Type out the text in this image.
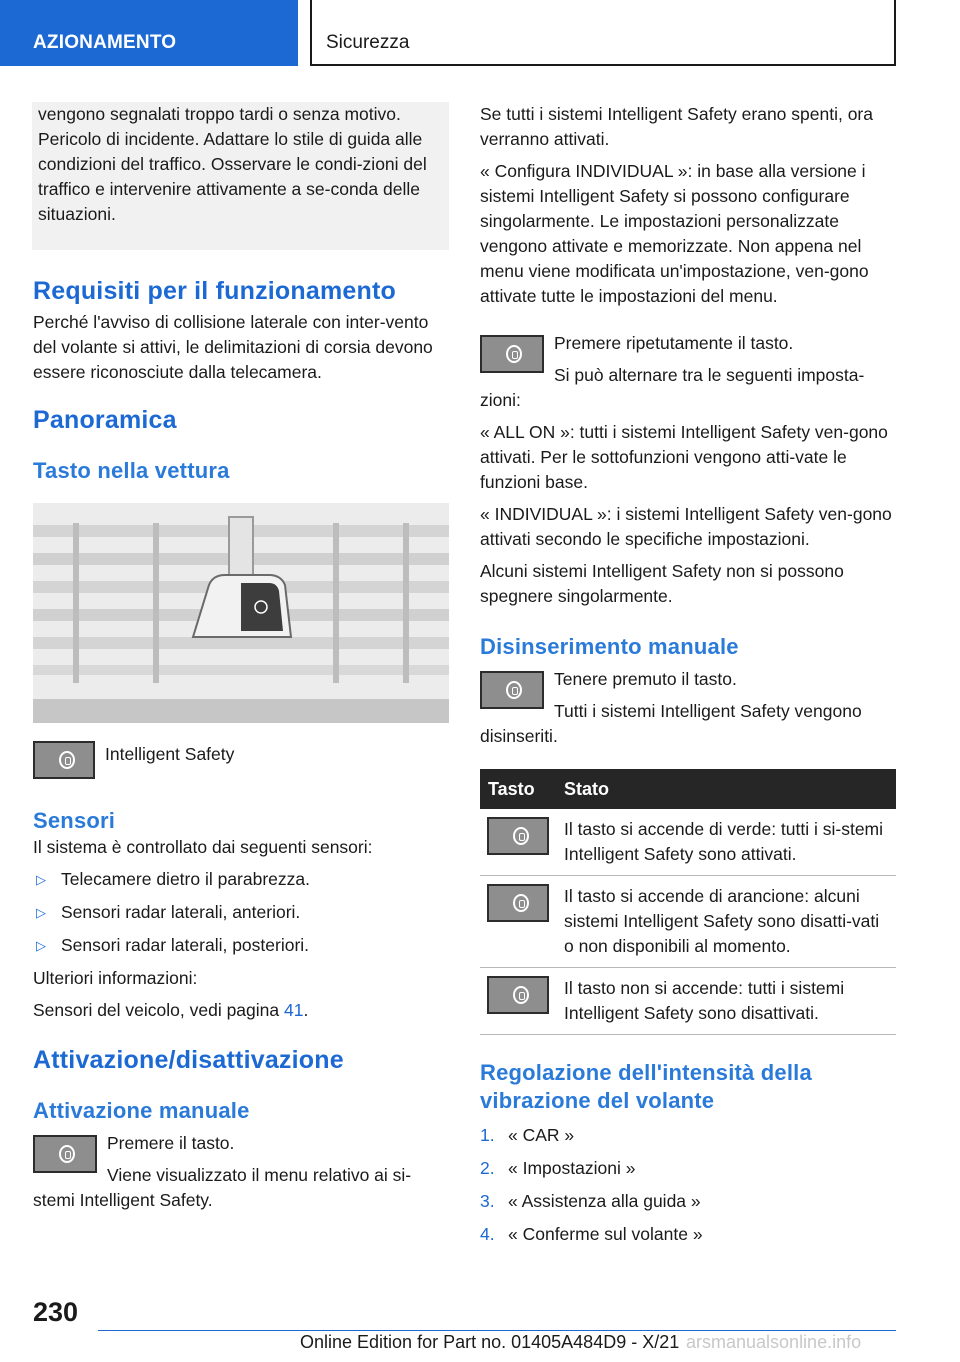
AZIONAMENTO	Sicurezza

vengono segnalati troppo tardi o senza motivo. Pericolo di incidente. Adattare lo stile di guida alle condizioni del traffico. Osservare le condi-zioni del traffico e intervenire attivamente a se-conda delle situazioni.

Requisiti per il funzionamento

Perché l'avviso di collisione laterale con inter-vento del volante si attivi, le delimitazioni di corsia devono essere riconosciute dalla telecamera.

Panoramica
Tasto nella vettura

Intelligent Safety

Sensori

Il sistema è controllato dai seguenti sensori:

▷ Telecamere dietro il parabrezza.
▷ Sensori radar laterali, anteriori.
▷ Sensori radar laterali, posteriori.

Ulteriori informazioni:

Sensori del veicolo, vedi pagina 41.

Attivazione/disattivazione
Attivazione manuale

Premere il tasto.

Viene visualizzato il menu relativo ai si-stemi Intelligent Safety.

Se tutti i sistemi Intelligent Safety erano spenti, ora verranno attivati.

« Configura INDIVIDUAL »: in base alla versione i sistemi Intelligent Safety si possono configurare singolarmente. Le impostazioni personalizzate vengono attivate e memorizzate. Non appena nel menu viene modificata un'impostazione, ven-gono attivate tutte le impostazioni del menu.

Premere ripetutamente il tasto.

Si può alternare tra le seguenti imposta-zioni:

« ALL ON »: tutti i sistemi Intelligent Safety ven-gono attivati. Per le sottofunzioni vengono atti-vate le funzioni base.

« INDIVIDUAL »: i sistemi Intelligent Safety ven-gono attivati secondo le specifiche impostazioni.

Alcuni sistemi Intelligent Safety non si possono spegnere singolarmente.

Disinserimento manuale

Tenere premuto il tasto.

Tutti i sistemi Intelligent Safety vengono disinseriti.

Tasto	Stato

	Il tasto si accende di verde: tutti i si-stemi Intelligent Safety sono attivati.

	Il tasto si accende di arancione: alcuni sistemi Intelligent Safety sono disatti-vati o non disponibili al momento.

	Il tasto non si accende: tutti i sistemi Intelligent Safety sono disattivati.
Regolazione dell'intensità della vibrazione del volante
1. « CAR »
2. « Impostazioni »
3. « Assistenza alla guida »
4. « Conferme sul volante »
230
Online Edition for Part no. 01405A484D9 - X/21 arsmanualsonline.info
